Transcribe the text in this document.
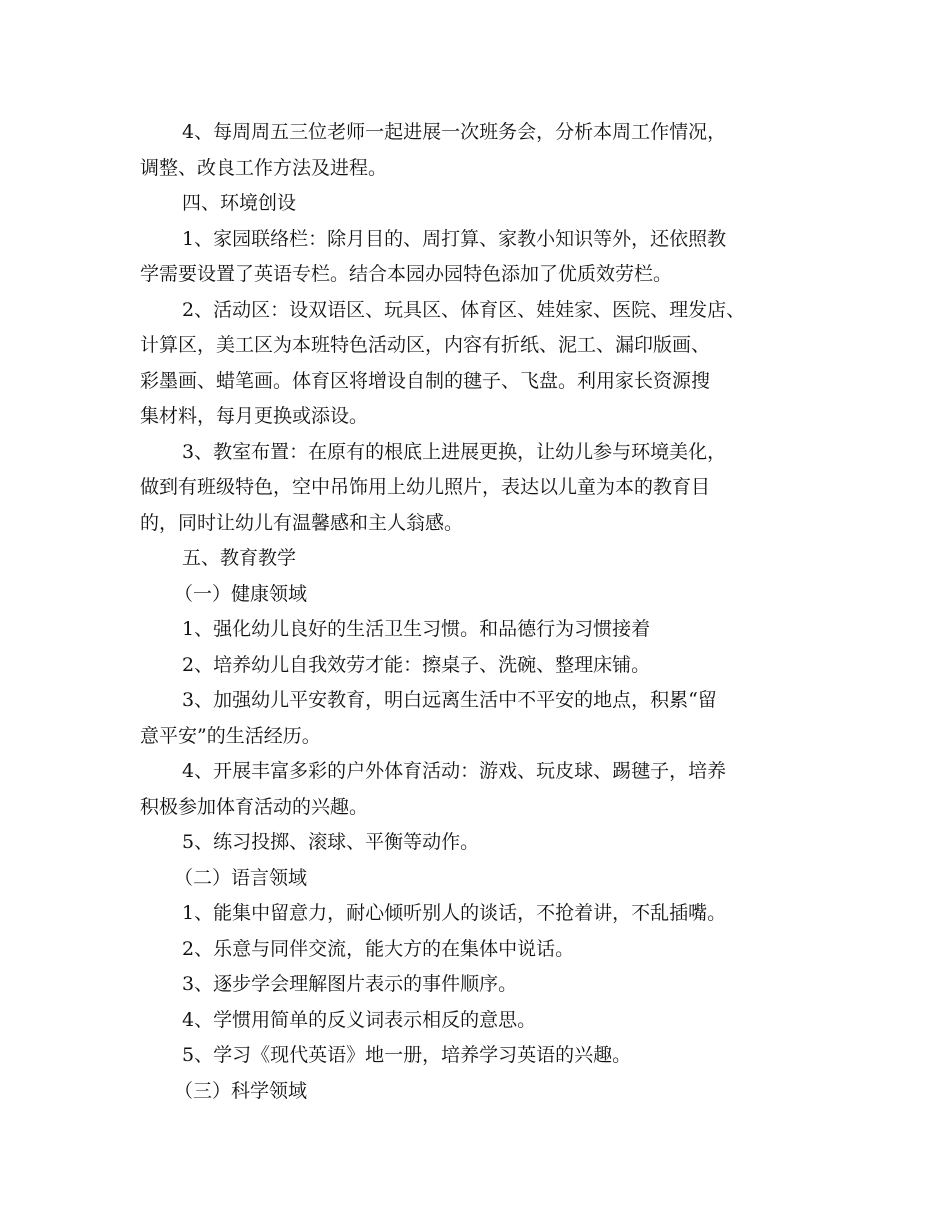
4、每周周五三位老师一起进展一次班务会，分析本周工作情况，
调整、改良工作方法及进程。
四、环境创设
1、家园联络栏：除月目的、周打算、家教小知识等外，还依照教
学需要设置了英语专栏。结合本园办园特色添加了优质效劳栏。
2、活动区：设双语区、玩具区、体育区、娃娃家、医院、理发店、
计算区，美工区为本班特色活动区，内容有折纸、泥工、漏印版画、
彩墨画、蜡笔画。体育区将增设自制的毽子、飞盘。利用家长资源搜
集材料，每月更换或添设。
3、教室布置：在原有的根底上进展更换，让幼儿参与环境美化，
做到有班级特色，空中吊饰用上幼儿照片，表达以儿童为本的教育目
的，同时让幼儿有温馨感和主人翁感。
五、教育教学
（一）健康领域
1、强化幼儿良好的生活卫生习惯。和品德行为习惯接着
2、培养幼儿自我效劳才能：擦桌子、洗碗、整理床铺。
3、加强幼儿平安教育，明白远离生活中不平安的地点，积累“留
意平安”的生活经历。
4、开展丰富多彩的户外体育活动：游戏、玩皮球、踢毽子，培养
积极参加体育活动的兴趣。
5、练习投掷、滚球、平衡等动作。
（二）语言领域
1、能集中留意力，耐心倾听别人的谈话，不抢着讲，不乱插嘴。
2、乐意与同伴交流，能大方的在集体中说话。
3、逐步学会理解图片表示的事件顺序。
4、学惯用简单的反义词表示相反的意思。
5、学习《现代英语》地一册，培养学习英语的兴趣。
（三）科学领域
